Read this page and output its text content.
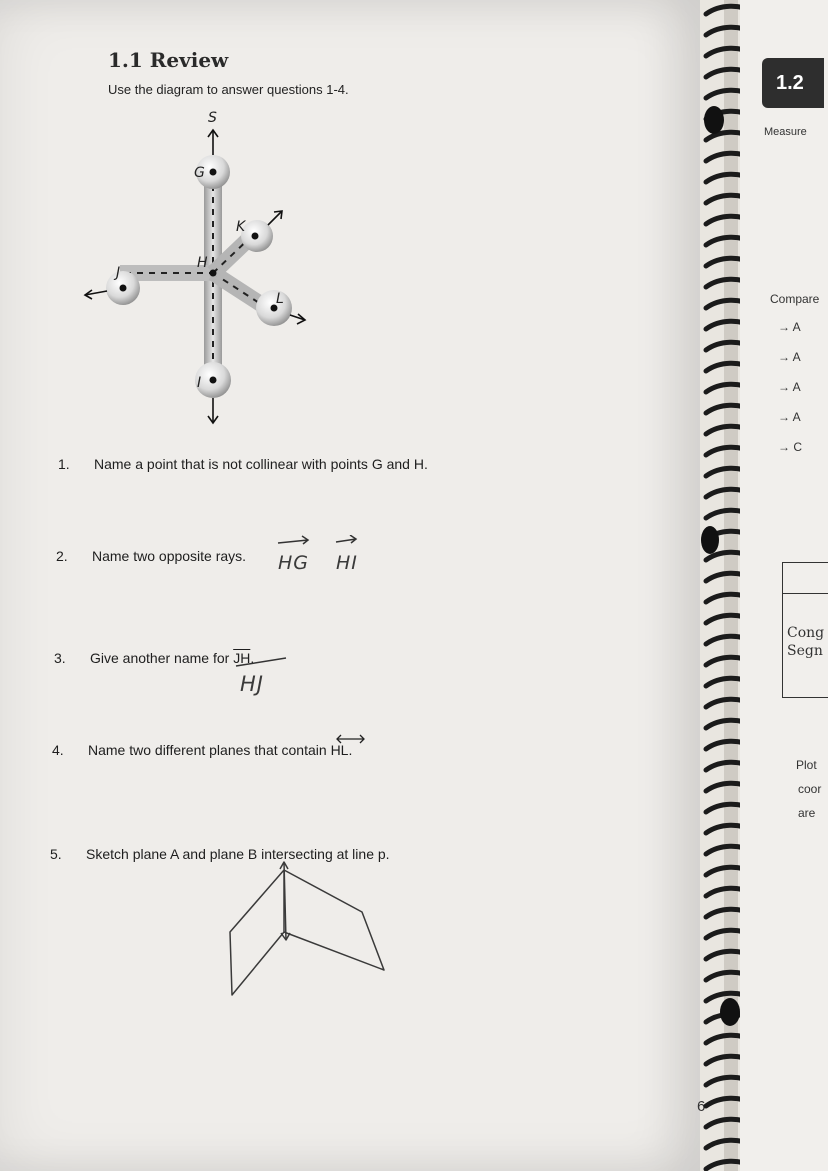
1.1 Review
Use the diagram to answer questions 1-4.
S
G
K
H
J
L
I
1. Name a point that is not collinear with points G and H.
2. Name two opposite rays. HG HI
3. Give another name for $\overline{JH}$.
HJ
4. Name two different planes that contain HL.
5. Sketch plane A and plane B intersecting at line p.
6
1.2
Measure
Compare
→ A
→ A
→ A
→ A
→ C
Cong
Segn
Plot
coor
are
